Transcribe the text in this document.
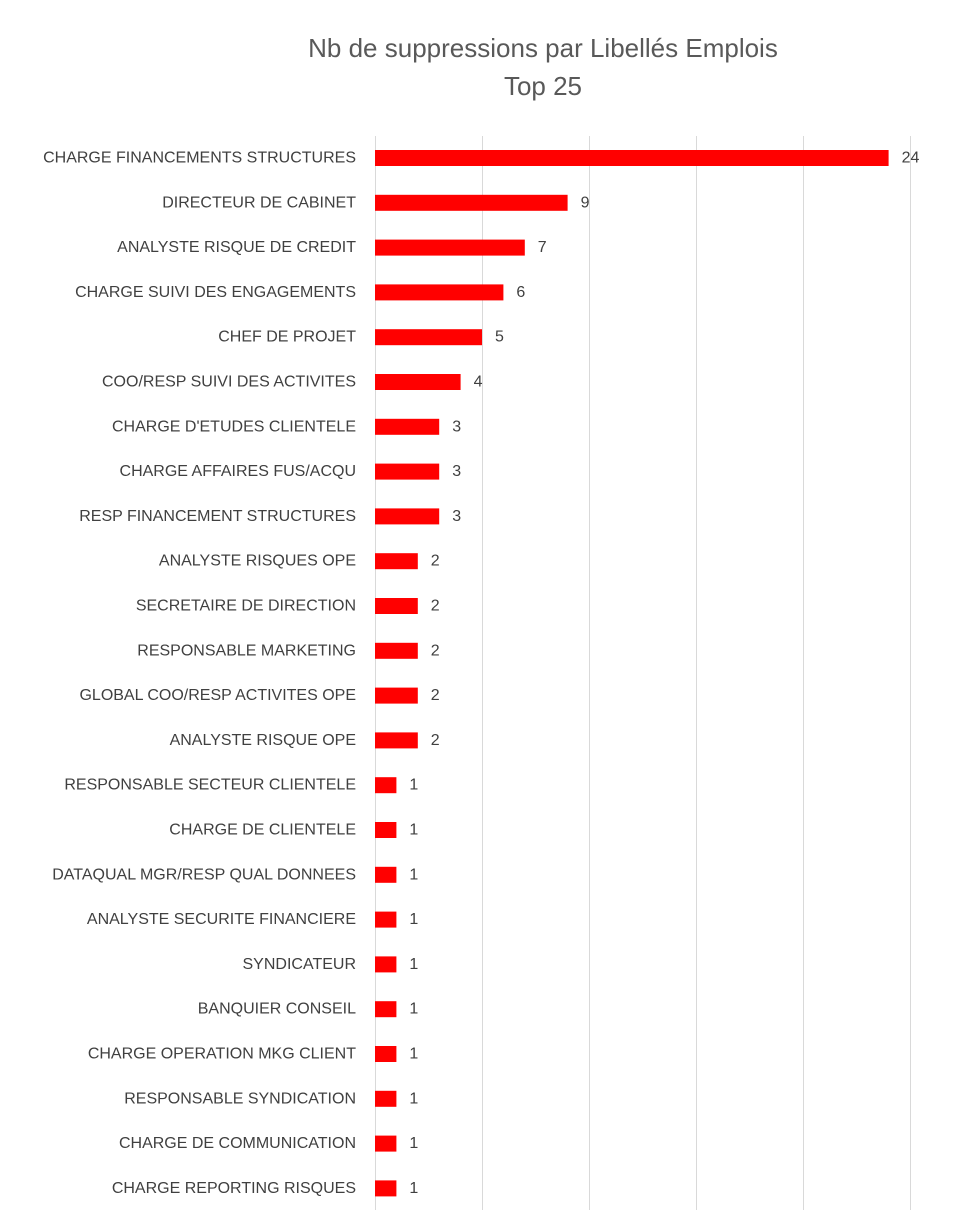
Nb de suppressions par Libellés Emplois
Top 25
CHARGE FINANCEMENTS STRUCTURES
DIRECTEUR DE CABINET
ANALYSTE RISQUE DE CREDIT
CHARGE SUIVI DES ENGAGEMENTS
CHEF DE PROJET
COO/RESP SUIVI DES ACTIVITES
CHARGE D'ETUDES CLIENTELE
CHARGE AFFAIRES FUS/ACQU
RESP FINANCEMENT STRUCTURES
ANALYSTE RISQUES OPE
SECRETAIRE DE DIRECTION
RESPONSABLE MARKETING
GLOBAL COO/RESP ACTIVITES OPE
ANALYSTE RISQUE OPE
RESPONSABLE SECTEUR CLIENTELE
CHARGE DE CLIENTELE
DATAQUAL MGR/RESP QUAL DONNEES
ANALYSTE SECURITE FINANCIERE
SYNDICATEUR
BANQUIER CONSEIL
CHARGE OPERATION MKG CLIENT
RESPONSABLE SYNDICATION
CHARGE DE COMMUNICATION
CHARGE REPORTING RISQUES
24
9
7
6
5
4
3
3
3
2
2
2
2
2
1
1
1
1
1
1
1
1
1
1
